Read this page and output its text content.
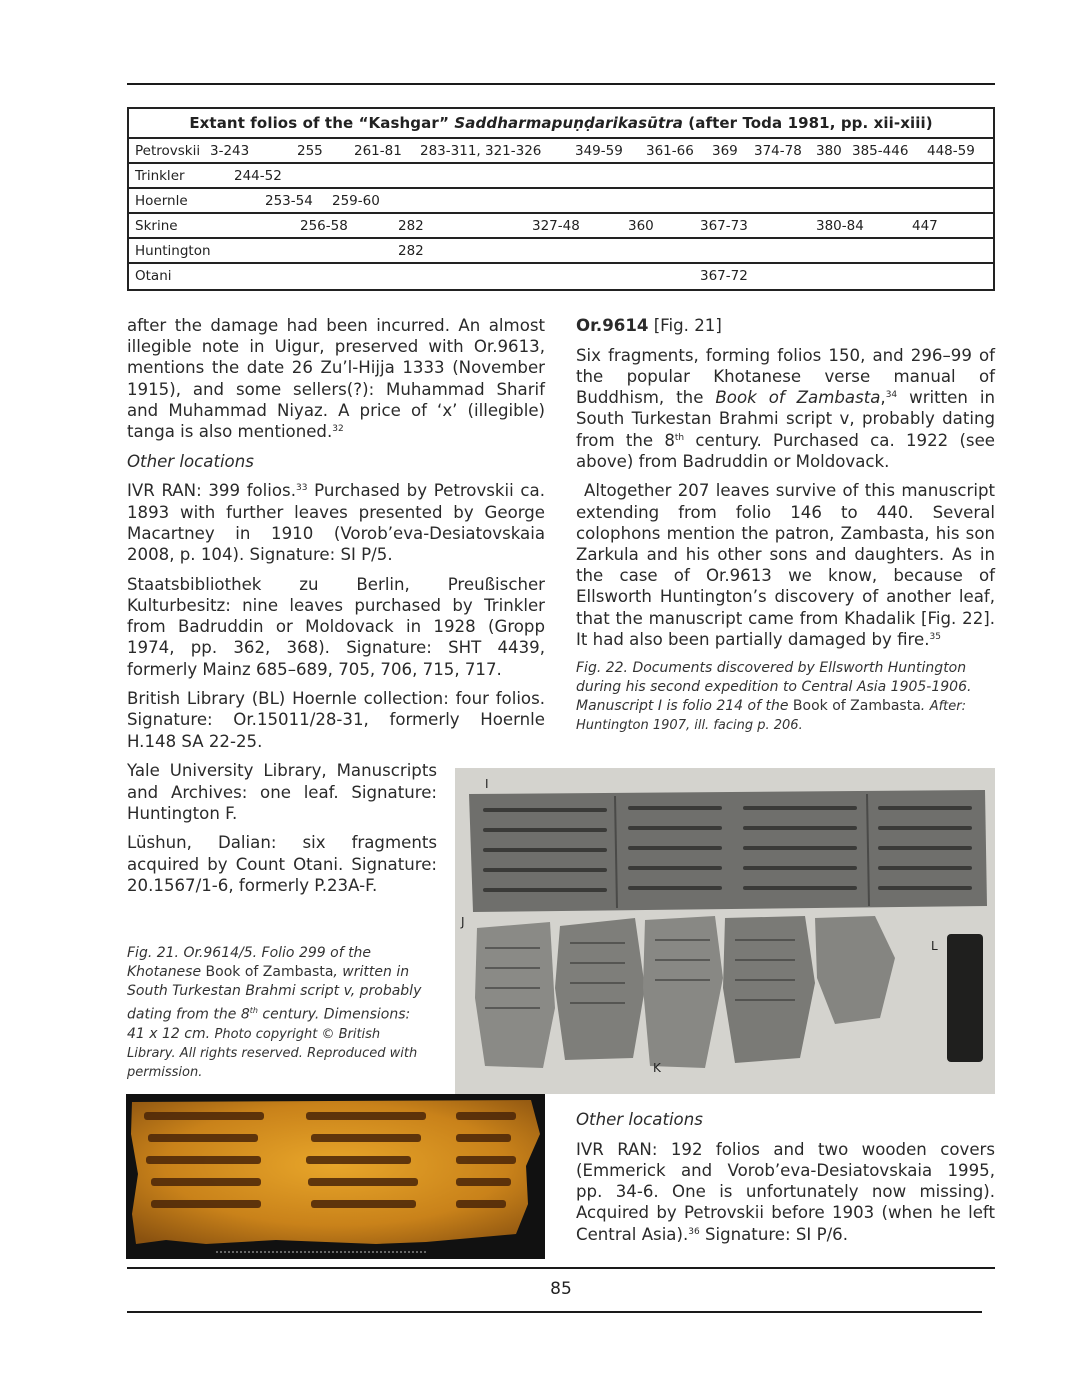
Extant folios of the “Kashgar” Saddharmapuṇḍarikasūtra (after Toda 1981, pp. xii-xiii)
Petrovskii 3-243	255 261-81 283-311, 321-326 349-59 361-66 369 374-78 380 385-446 448-59
Trinkler	244-52
Hoernle	253-54 259-60
Skrine	256-58	282	327-48	360	367-73	380-84	447
Huntington	282
Otani	367-72

after the damage had been incurred. An almost illegible note in Uigur, preserved with Or.9613, mentions the date 26 Zu’l-Hijja 1333 (November 1915), and some sellers(?): Muhammad Sharif and Muhammad Niyaz. A price of ‘x’ (illegible) tanga is also mentioned.$^{32}$

Other locations

IVR RAN: 399 folios.$^{33}$ Purchased by Petrovskii ca. 1893 with further leaves presented by George Macartney in 1910 (Vorob’eva-Desiatovskaia 2008, p. 104). Signature: SI P/5.

Staatsbibliothek zu Berlin, Preußischer Kulturbesitz: nine leaves purchased by Trinkler from Badruddin or Moldovack in 1928 (Gropp 1974, pp. 362, 368). Signature: SHT 4439, formerly Mainz 685–689, 705, 706, 715, 717.

British Library (BL) Hoernle collection: four folios. Signature: Or.15011/28-31, formerly Hoernle H.148 SA 22-25.

Yale University Library, Manuscripts and Archives: one leaf. Signature: Huntington F.

Lüshun, Dalian: six fragments acquired by Count Otani. Signature: 20.1567/1-6, formerly P.23A-F.

Fig. 21. Or.9614/5. Folio 299 of the Khotanese Book of Zambasta, written in South Turkestan Brahmi script v, probably dating from the 8th century. Dimensions: 41 x 12 cm. Photo copyright © British Library. All rights reserved. Reproduced with permission.

Or.9614 [Fig. 21]

Six fragments, forming folios 150, and 296–99 of the popular Khotanese verse manual of Buddhism, the Book of Zambasta,$^{34}$ written in South Turkestan Brahmi script v, probably dating from the 8th century. Purchased ca. 1922 (see above) from Badruddin or Moldovack.

Altogether 207 leaves survive of this manuscript extending from folio 146 to 440. Several colophons mention the patron, Zambasta, his son Zarkula and his other sons and daughters. As in the case of Or.9613 we know, because of Ellsworth Huntington’s discovery of another leaf, that the manuscript came from Khadalik [Fig. 22]. It had also been partially damaged by fire.$^{35}$

Fig. 22. Documents discovered by Ellsworth Huntington during his second expedition to Central Asia 1905-1906. Manuscript I is folio 214 of the Book of Zambasta. After: Huntington 1907, ill. facing p. 206.
I
J
K
L

Other locations

IVR RAN: 192 folios and two wooden covers (Emmerick and Vorob’eva-Desiatovskaia 1995, pp. 34-6. One is unfortunately now missing). Acquired by Petrovskii before 1903 (when he left Central Asia).$^{36}$ Signature: SI P/6.

85
